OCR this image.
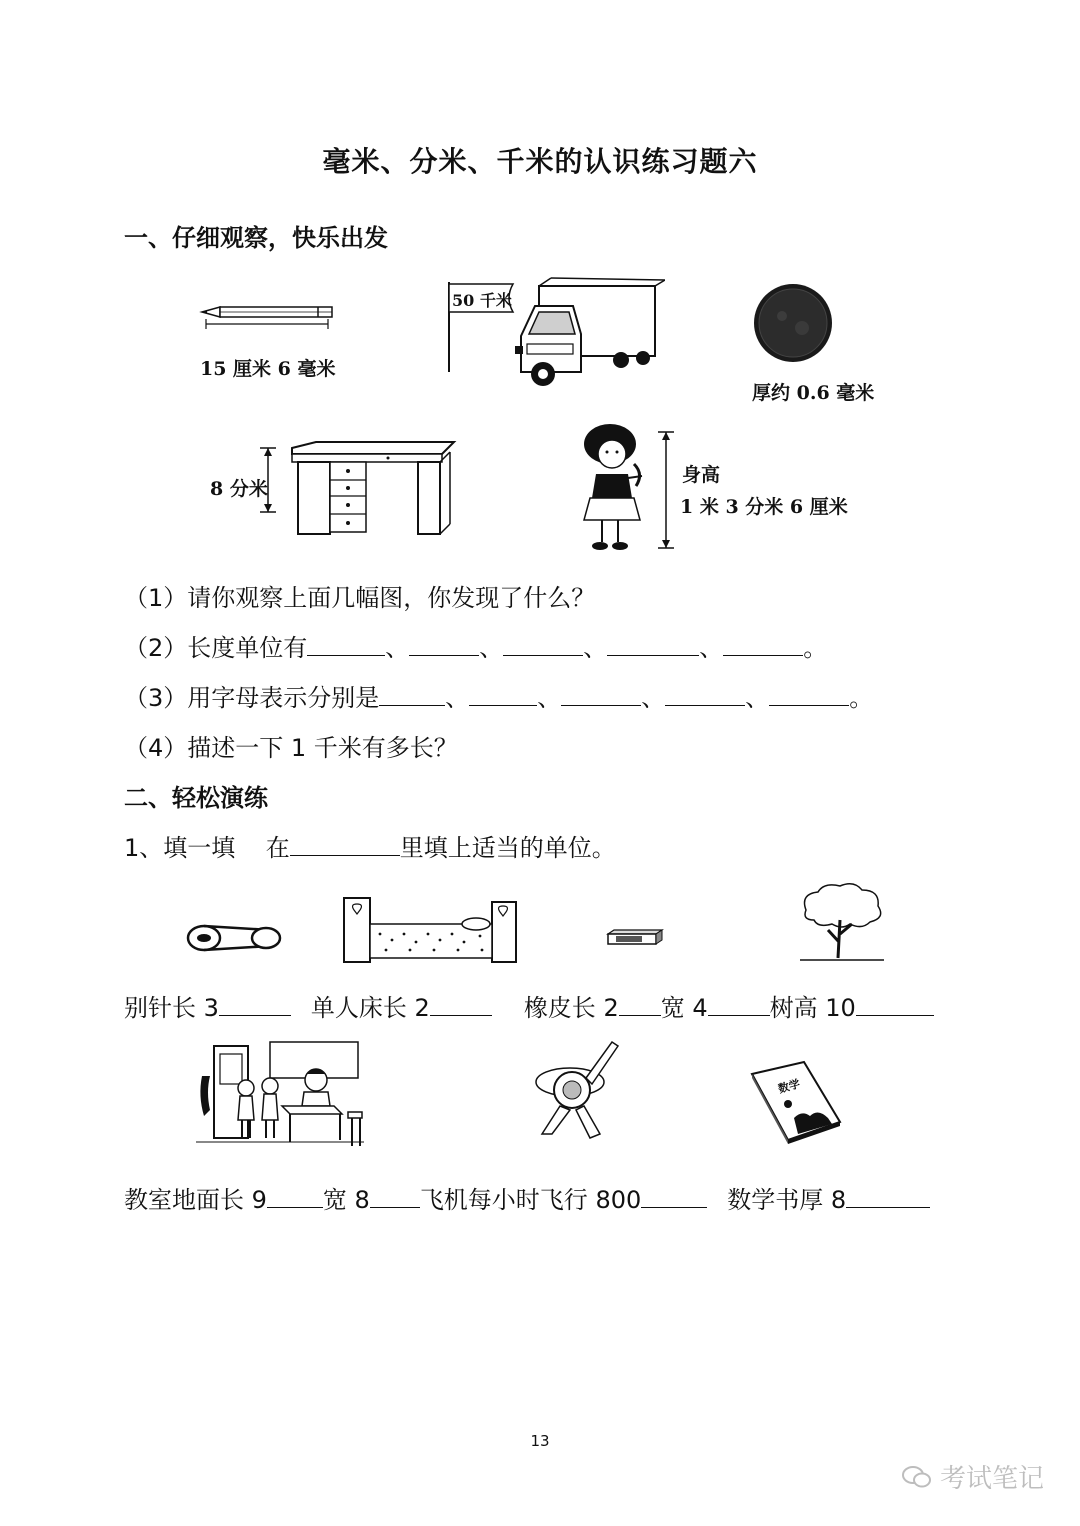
毫米、分米、千米的认识练习题六
一、仔细观察，快乐出发
15 厘米 6 毫米
50 千米
厚约 0.6 毫米
8 分米
身高
1 米 3 分米 6 厘米
（1）请你观察上面几幅图，你发现了什么？
（2）长度单位有	、	、	、	、	。
（3）用字母表示分别是	、	、	、	、	。
（4）描述一下 1 千米有多长？
二、轻松演练
1、填一填    在	里填上适当的单位。
别针长 3	单人床长 2	橡皮长 2 宽 4	树高 10
数学
教室地面长 9 宽 8 飞机每小时飞行 800	数学书厚 8
13
考试笔记
